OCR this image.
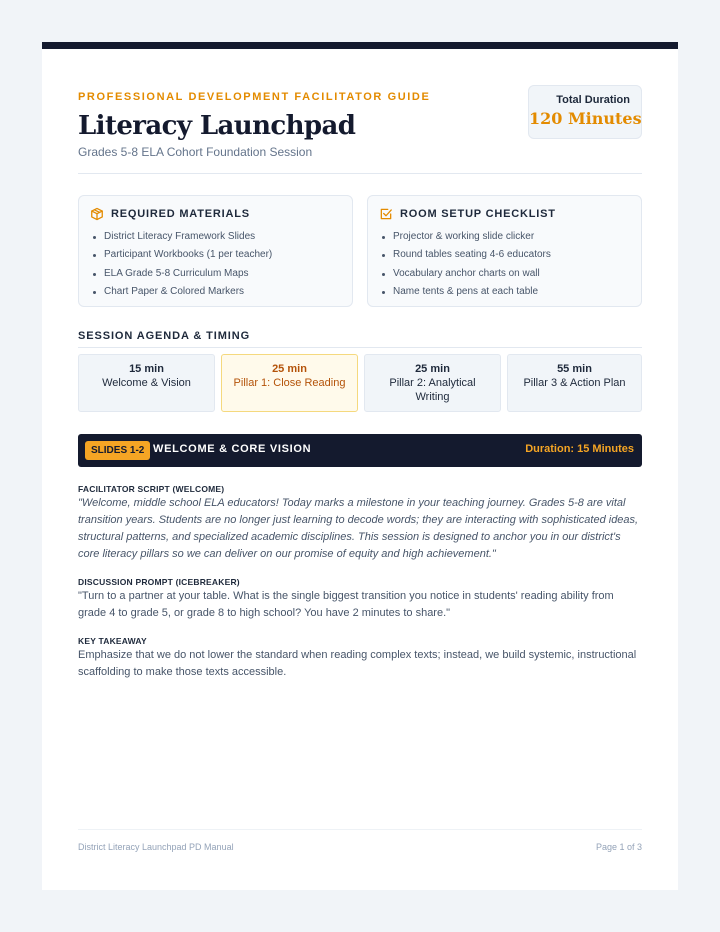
PROFESSIONAL DEVELOPMENT FACILITATOR GUIDE
Literacy Launchpad
Grades 5-8 ELA Cohort Foundation Session
Total Duration
120 Minutes
REQUIRED MATERIALS
District Literacy Framework Slides
Participant Workbooks (1 per teacher)
ELA Grade 5-8 Curriculum Maps
Chart Paper & Colored Markers
ROOM SETUP CHECKLIST
Projector & working slide clicker
Round tables seating 4-6 educators
Vocabulary anchor charts on wall
Name tents & pens at each table
SESSION AGENDA & TIMING
15 min
Welcome & Vision
25 min
Pillar 1: Close Reading
25 min
Pillar 2: Analytical Writing
55 min
Pillar 3 & Action Plan
SLIDES 1-2 WELCOME & CORE VISION	Duration: 15 Minutes
FACILITATOR SCRIPT (WELCOME)
"Welcome, middle school ELA educators! Today marks a milestone in your teaching journey. Grades 5-8 are vital transition years. Students are no longer just learning to decode words; they are interacting with sophisticated ideas, structural patterns, and specialized academic disciplines. This session is designed to anchor you in our district's core literacy pillars so we can deliver on our promise of equity and high achievement."
DISCUSSION PROMPT (ICEBREAKER)
"Turn to a partner at your table. What is the single biggest transition you notice in students' reading ability from grade 4 to grade 5, or grade 8 to high school? You have 2 minutes to share."
KEY TAKEAWAY
Emphasize that we do not lower the standard when reading complex texts; instead, we build systemic, instructional scaffolding to make those texts accessible.
District Literacy Launchpad PD Manual	Page 1 of 3
